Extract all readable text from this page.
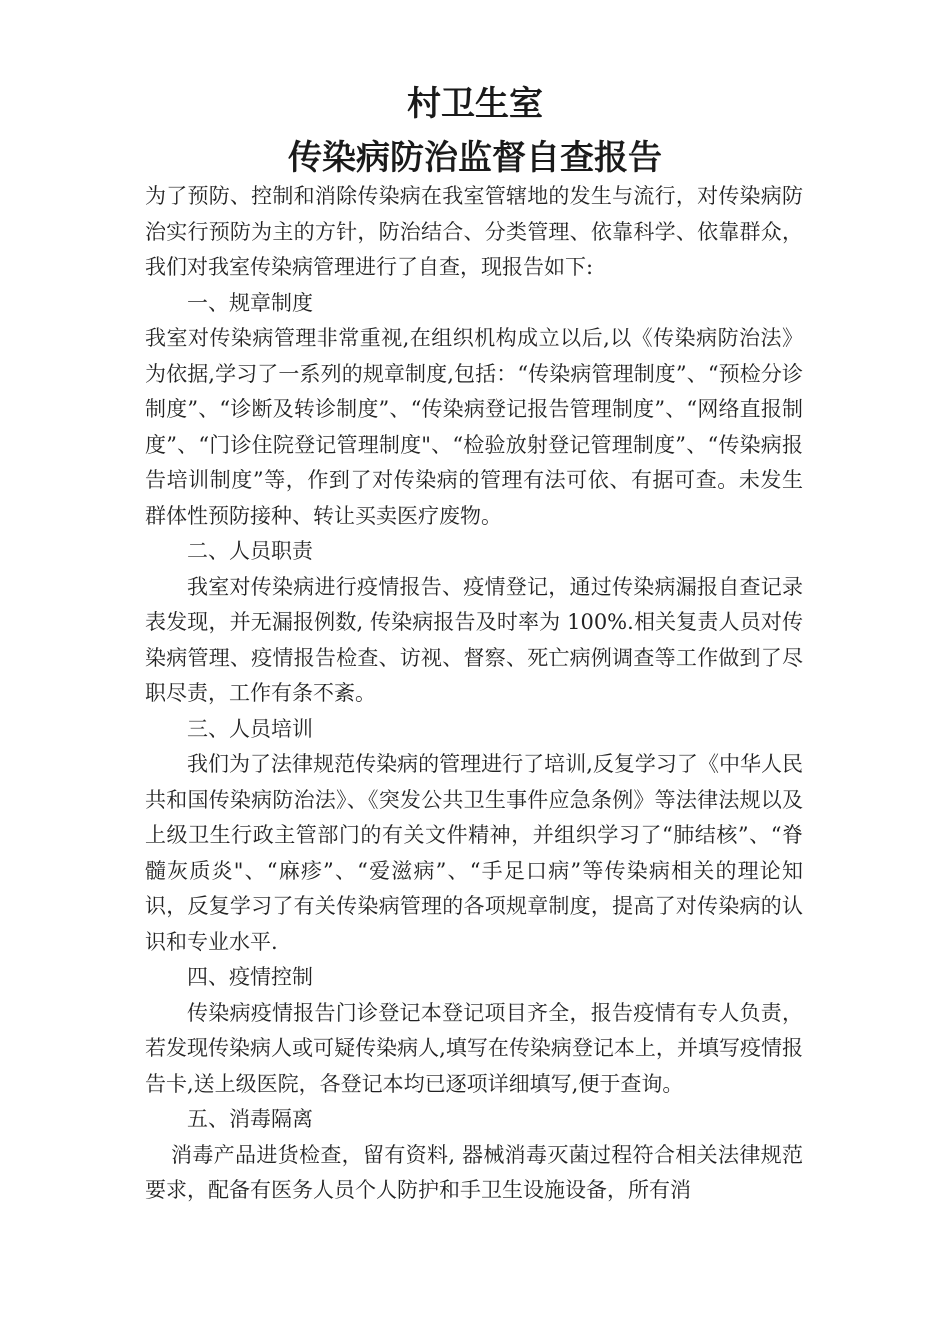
村卫生室
传染病防治监督自查报告

为了预防、控制和消除传染病在我室管辖地的发生与流行，对传染病防治实行预防为主的方针，防治结合、分类管理、依靠科学、依靠群众，我们对我室传染病管理进行了自查，现报告如下:

一、规章制度

我室对传染病管理非常重视,在组织机构成立以后,以《传染病防治法》为依据,学习了一系列的规章制度,包括：“传染病管理制度”、“预检分诊制度”、“诊断及转诊制度”、“传染病登记报告管理制度”、“网络直报制度”、“门诊住院登记管理制度"、“检验放射登记管理制度”、“传染病报告培训制度”等，作到了对传染病的管理有法可依、有据可查。未发生群体性预防接种、转让买卖医疗废物。

二、人员职责

我室对传染病进行疫情报告、疫情登记，通过传染病漏报自查记录表发现，并无漏报例数, 传染病报告及时率为 100%.相关复责人员对传染病管理、疫情报告检查、访视、督察、死亡病例调查等工作做到了尽职尽责，工作有条不紊。

三、人员培训

我们为了法律规范传染病的管理进行了培训,反复学习了《中华人民共和国传染病防治法》、《突发公共卫生事件应急条例》等法律法规以及上级卫生行政主管部门的有关文件精神，并组织学习了“肺结核”、“脊髓灰质炎"、“麻疹”、“爱滋病”、“手足口病”等传染病相关的理论知识，反复学习了有关传染病管理的各项规章制度，提高了对传染病的认识和专业水平.

四、疫情控制

传染病疫情报告门诊登记本登记项目齐全，报告疫情有专人负责，若发现传染病人或可疑传染病人,填写在传染病登记本上，并填写疫情报告卡,送上级医院，各登记本均已逐项详细填写,便于查询。

五、消毒隔离

消毒产品进货检查，留有资料, 器械消毒灭菌过程符合相关法律规范要求，配备有医务人员个人防护和手卫生设施设备，所有消
